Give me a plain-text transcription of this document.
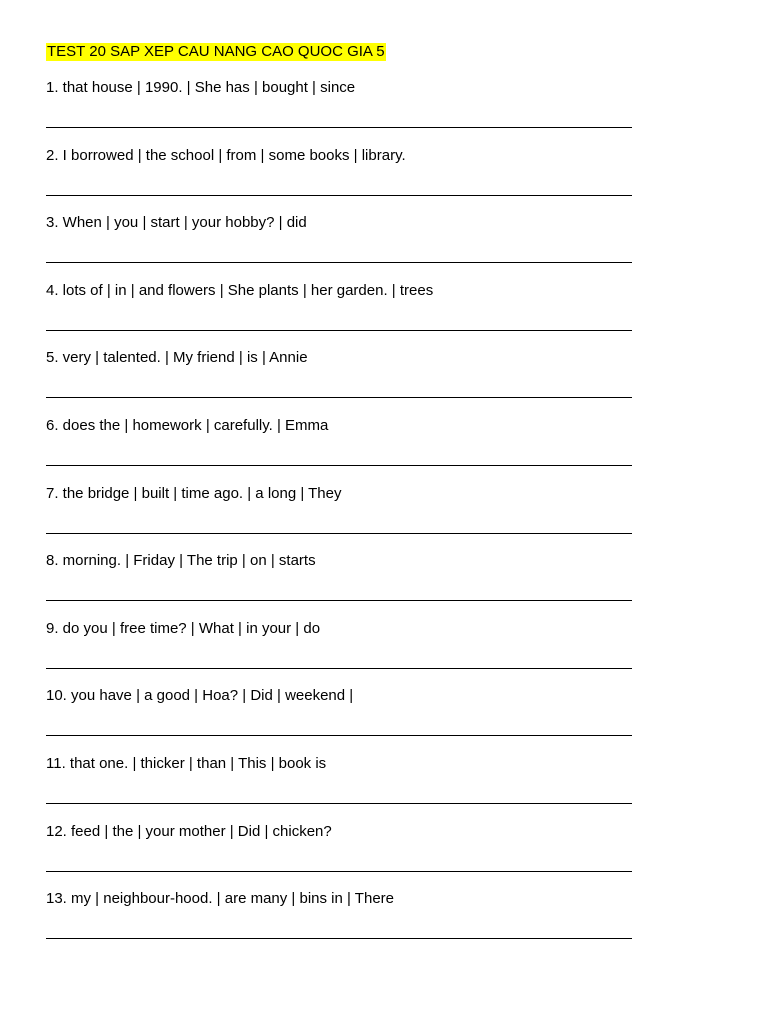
TEST 20 SAP XEP CAU NANG CAO QUOC GIA 5
1. that house | 1990. | She has | bought | since
2. I borrowed | the school | from | some books | library.
3. When | you | start | your hobby? | did
4. lots of | in | and flowers | She plants | her garden. | trees
5. very | talented. | My friend | is | Annie
6. does the | homework | carefully. | Emma
7. the bridge | built | time ago. | a long | They
8. morning. | Friday | The trip | on | starts
9. do you | free time? | What | in your | do
10. you have | a good | Hoa? | Did | weekend |
11. that one. | thicker | than | This | book is
12. feed | the | your mother | Did | chicken?
13. my | neighbour-hood. | are many | bins in | There
